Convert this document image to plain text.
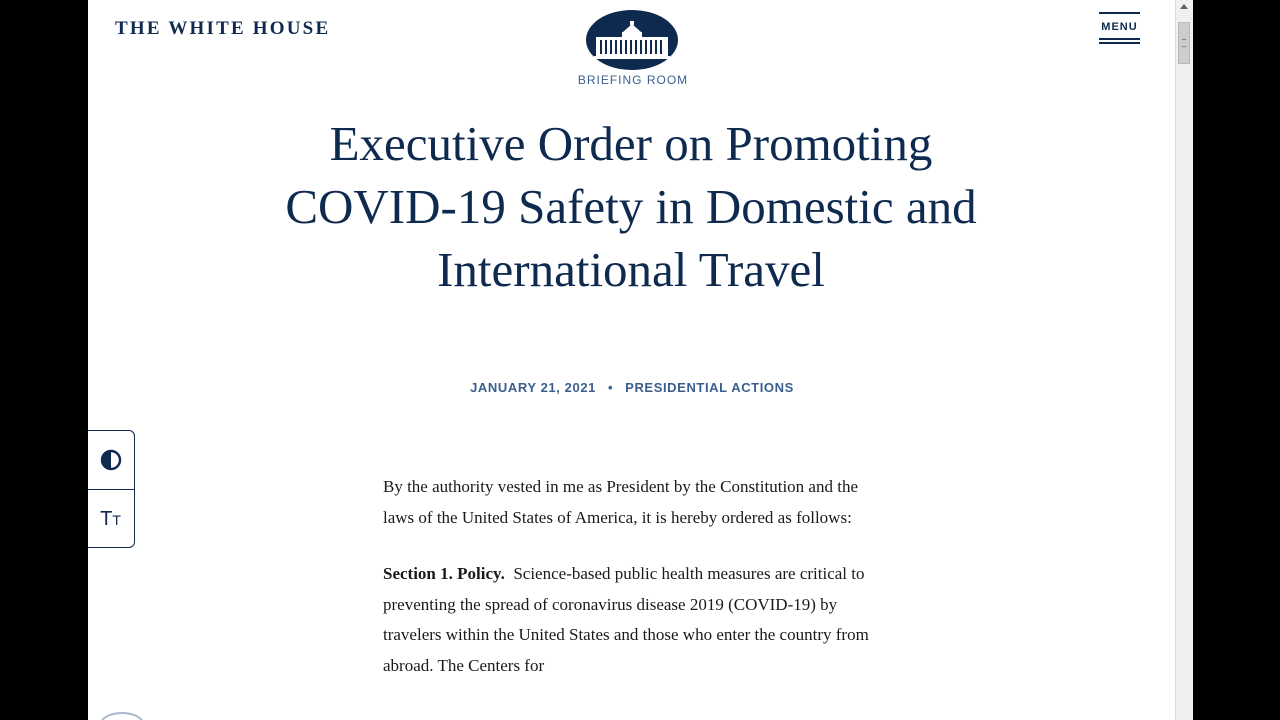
THE WHITE HOUSE
BRIEFING ROOM
MENU
Executive Order on Promoting COVID-19 Safety in Domestic and International Travel
JANUARY 21, 2021 • PRESIDENTIAL ACTIONS
TT

By the authority vested in me as President by the Constitution and the laws of the United States of America, it is hereby ordered as follows:

Section 1. Policy. Science-based public health measures are critical to preventing the spread of coronavirus disease 2019 (COVID-19) by travelers within the United States and those who enter the country from abroad. The Centers for
